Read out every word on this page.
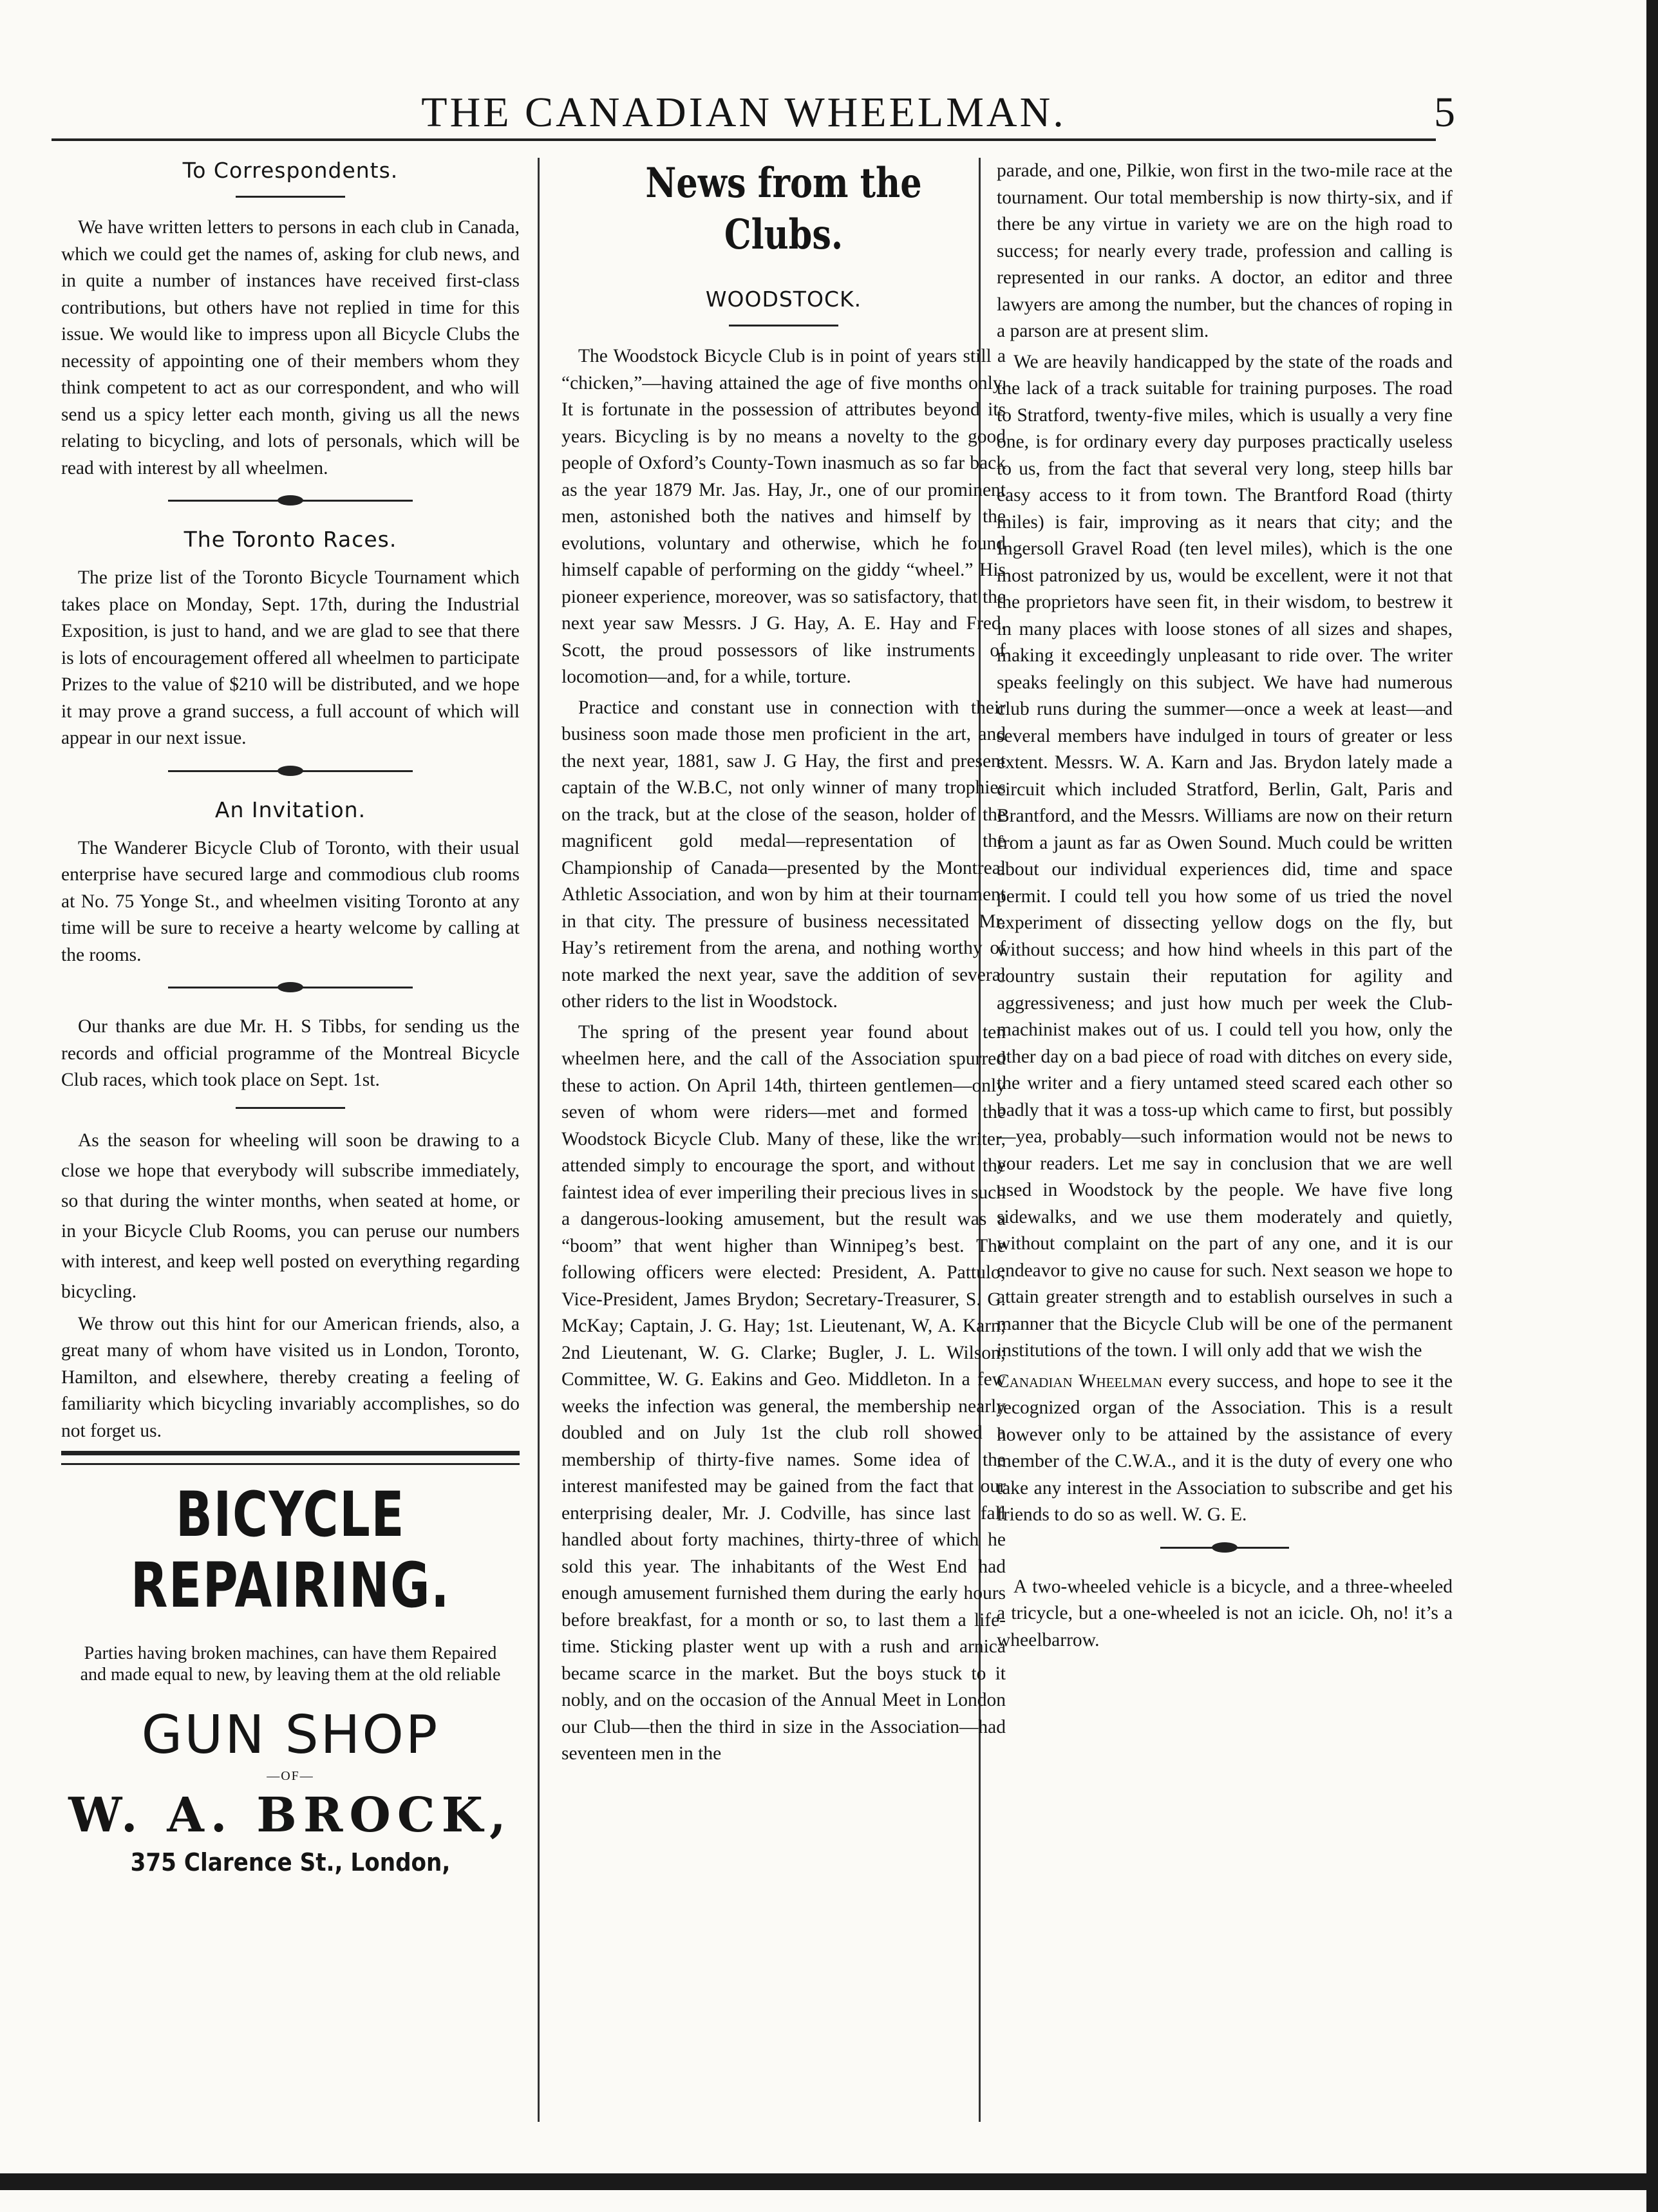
THE CANADIAN WHEELMAN.	5
To Correspondents.

We have written letters to persons in each club in Canada, which we could get the names of, asking for club news, and in quite a number of instances have received first-class contributions, but others have not replied in time for this issue. We would like to impress upon all Bicycle Clubs the necessity of appointing one of their members whom they think competent to act as our correspondent, and who will send us a spicy letter each month, giving us all the news relating to bicycling, and lots of personals, which will be read with interest by all wheelmen.

The Toronto Races.

The prize list of the Toronto Bicycle Tournament which takes place on Monday, Sept. 17th, during the Industrial Exposition, is just to hand, and we are glad to see that there is lots of encouragement offered all wheelmen to participate Prizes to the value of $210 will be distributed, and we hope it may prove a grand success, a full account of which will appear in our next issue.

An Invitation.

The Wanderer Bicycle Club of Toronto, with their usual enterprise have secured large and commodious club rooms at No. 75 Yonge St., and wheelmen visiting Toronto at any time will be sure to receive a hearty welcome by calling at the rooms.

Our thanks are due Mr. H. S Tibbs, for sending us the records and official programme of the Montreal Bicycle Club races, which took place on Sept. 1st.

As the season for wheeling will soon be drawing to a close we hope that everybody will subscribe immediately, so that during the winter months, when seated at home, or in your Bicycle Club Rooms, you can peruse our numbers with interest, and keep well posted on everything regarding bicycling.

We throw out this hint for our American friends, also, a great many of whom have visited us in London, Toronto, Hamilton, and elsewhere, thereby creating a feeling of familiarity which bicycling invariably accomplishes, so do not forget us.

BICYCLE REPAIRING.
Parties having broken machines, can have them Repaired and made equal to new, by leaving them at the old reliable
GUN SHOP
—OF—
W. A. BROCK,
375 Clarence St., London,
News from the Clubs.
WOODSTOCK.

The Woodstock Bicycle Club is in point of years still a “chicken,”—having attained the age of five months only. It is fortunate in the possession of attributes beyond its years. Bicycling is by no means a novelty to the good people of Oxford’s County-Town inasmuch as so far back as the year 1879 Mr. Jas. Hay, Jr., one of our prominent men, astonished both the natives and himself by the evolutions, voluntary and otherwise, which he found himself capable of performing on the giddy “wheel.” His pioneer experience, moreover, was so satisfactory, that the next year saw Messrs. J G. Hay, A. E. Hay and Fred. Scott, the proud possessors of like instruments of locomotion—and, for a while, torture.

Practice and constant use in connection with their business soon made those men proficient in the art, and the next year, 1881, saw J. G Hay, the first and present captain of the W.B.C, not only winner of many trophies on the track, but at the close of the season, holder of the magnificent gold medal—representation of the Championship of Canada—presented by the Montreal Athletic Association, and won by him at their tournament in that city. The pressure of business necessitated Mr. Hay’s retirement from the arena, and nothing worthy of note marked the next year, save the addition of several other riders to the list in Woodstock.

The spring of the present year found about ten wheelmen here, and the call of the Association spurred these to action. On April 14th, thirteen gentlemen—only seven of whom were riders—met and formed the Woodstock Bicycle Club. Many of these, like the writer, attended simply to encourage the sport, and without the faintest idea of ever imperiling their precious lives in such a dangerous-looking amusement, but the result was a “boom” that went higher than Winnipeg’s best. The following officers were elected: President, A. Pattulo; Vice-President, James Brydon; Secretary-Treasurer, S. G. McKay; Captain, J. G. Hay; 1st. Lieutenant, W, A. Karn; 2nd Lieutenant, W. G. Clarke; Bugler, J. L. Wilson; Committee, W. G. Eakins and Geo. Middleton. In a few weeks the infection was general, the membership nearly doubled and on July 1st the club roll showed a membership of thirty-five names. Some idea of the interest manifested may be gained from the fact that our enterprising dealer, Mr. J. Codville, has since last fall handled about forty machines, thirty-three of which he sold this year. The inhabitants of the West End had enough amusement furnished them during the early hours before breakfast, for a month or so, to last them a life-time. Sticking plaster went up with a rush and arnica became scarce in the market. But the boys stuck to it nobly, and on the occasion of the Annual Meet in London our Club—then the third in size in the Association—had seventeen men in the

parade, and one, Pilkie, won first in the two-mile race at the tournament. Our total membership is now thirty-six, and if there be any virtue in variety we are on the high road to success; for nearly every trade, profession and calling is represented in our ranks. A doctor, an editor and three lawyers are among the number, but the chances of roping in a parson are at present slim.

We are heavily handicapped by the state of the roads and the lack of a track suitable for training purposes. The road to Stratford, twenty-five miles, which is usually a very fine one, is for ordinary every day purposes practically useless to us, from the fact that several very long, steep hills bar easy access to it from town. The Brantford Road (thirty miles) is fair, improving as it nears that city; and the Ingersoll Gravel Road (ten level miles), which is the one most patronized by us, would be excellent, were it not that the proprietors have seen fit, in their wisdom, to bestrew it in many places with loose stones of all sizes and shapes, making it exceedingly unpleasant to ride over. The writer speaks feelingly on this subject. We have had numerous club runs during the summer—once a week at least—and several members have indulged in tours of greater or less extent. Messrs. W. A. Karn and Jas. Brydon lately made a circuit which included Stratford, Berlin, Galt, Paris and Brantford, and the Messrs. Williams are now on their return from a jaunt as far as Owen Sound. Much could be written about our individual experiences did, time and space permit. I could tell you how some of us tried the novel experiment of dissecting yellow dogs on the fly, but without success; and how hind wheels in this part of the country sustain their reputation for agility and aggressiveness; and just how much per week the Club-machinist makes out of us. I could tell you how, only the other day on a bad piece of road with ditches on every side, the writer and a fiery untamed steed scared each other so badly that it was a toss-up which came to first, but possibly—yea, probably—such information would not be news to your readers. Let me say in conclusion that we are well used in Woodstock by the people. We have five long sidewalks, and we use them moderately and quietly, without complaint on the part of any one, and it is our endeavor to give no cause for such. Next season we hope to attain greater strength and to establish ourselves in such a manner that the Bicycle Club will be one of the permanent institutions of the town. I will only add that we wish the

Canadian Wheelman every success, and hope to see it the recognized organ of the Association. This is a result however only to be attained by the assistance of every member of the C.W.A., and it is the duty of every one who take any interest in the Association to subscribe and get his friends to do so as well. W. G. E.

A two-wheeled vehicle is a bicycle, and a three-wheeled a tricycle, but a one-wheeled is not an icicle. Oh, no! it’s a wheelbarrow.
